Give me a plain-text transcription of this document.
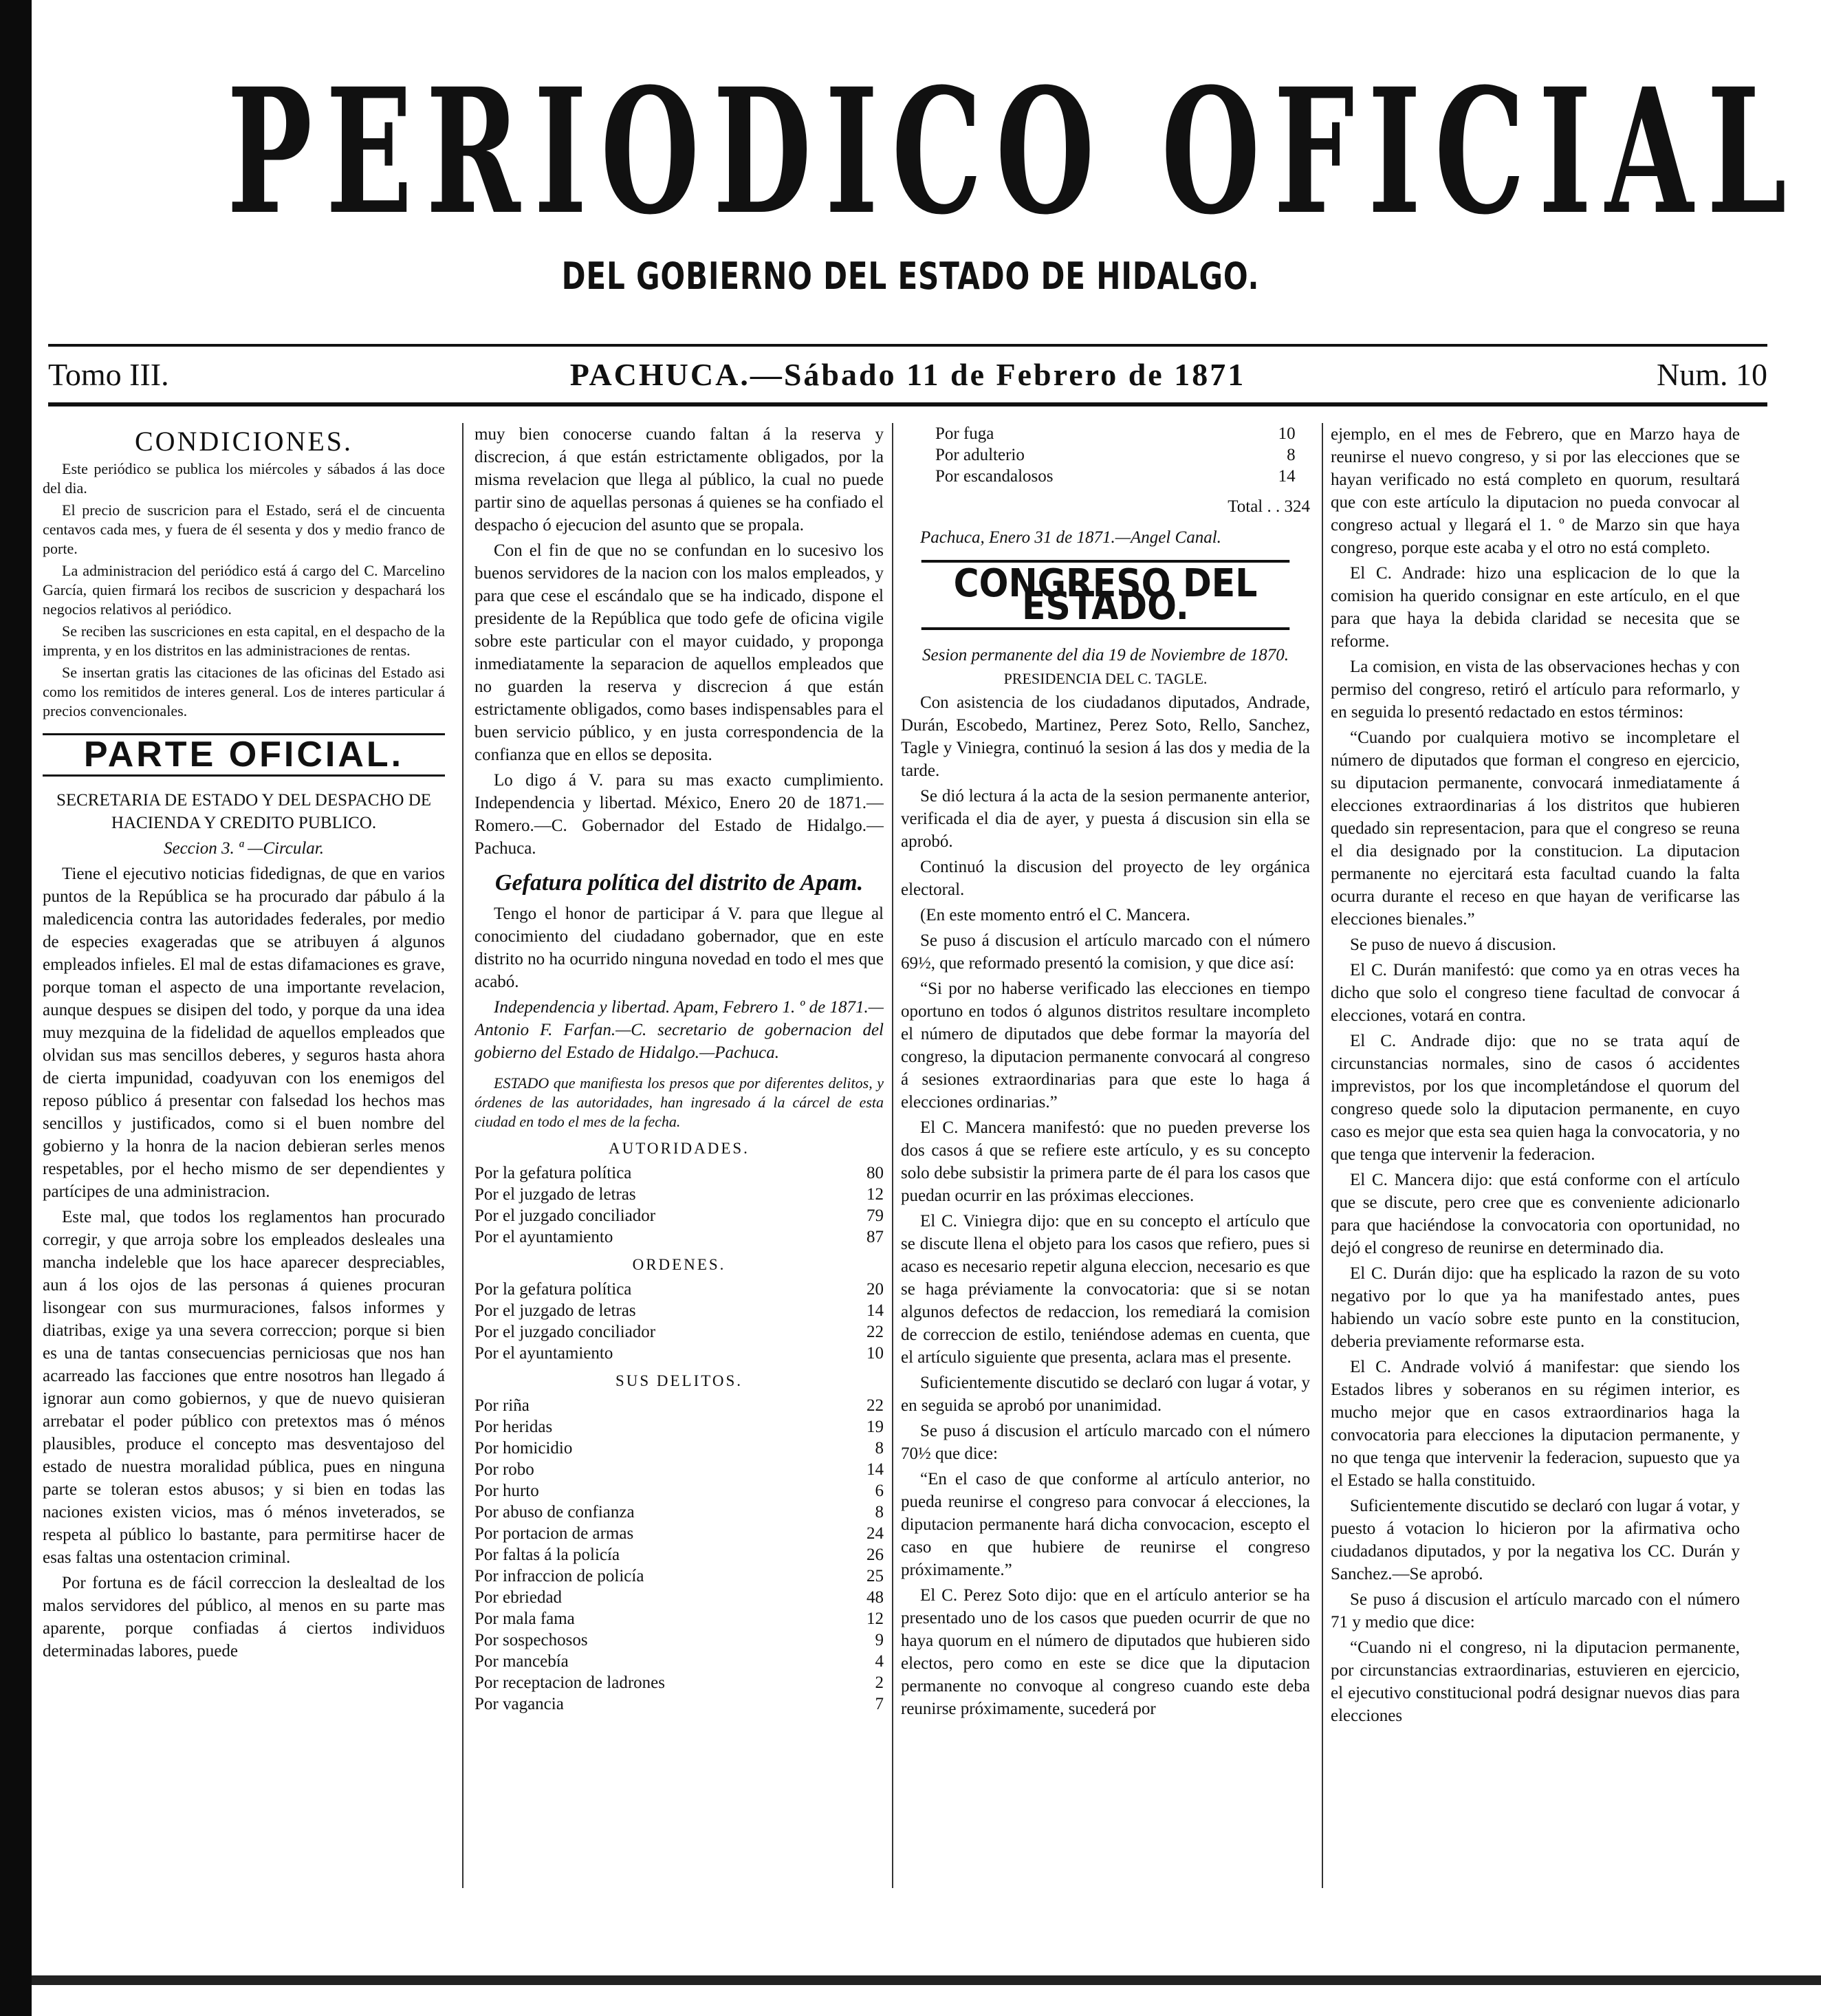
PERIODICO OFICIAL
DEL GOBIERNO DEL ESTADO DE HIDALGO.
Tomo III.	PACHUCA.—Sábado 11 de Febrero de 1871	Num. 10
CONDICIONES.

Este periódico se publica los miércoles y sábados á las doce del dia.

El precio de suscricion para el Estado, será el de cincuenta centavos cada mes, y fuera de él sesenta y dos y medio franco de porte.

La administracion del periódico está á cargo del C. Marcelino García, quien firmará los recibos de suscricion y despachará los negocios relativos al periódico.

Se reciben las suscriciones en esta capital, en el despacho de la imprenta, y en los distritos en las administraciones de rentas.

Se insertan gratis las citaciones de las oficinas del Estado asi como los remitidos de interes general. Los de interes particular á precios convencionales.

PARTE OFICIAL.

SECRETARIA DE ESTADO Y DEL DESPACHO DE HACIENDA Y CREDITO PUBLICO.

Seccion 3. ª —Circular.

Tiene el ejecutivo noticias fidedignas, de que en varios puntos de la República se ha procurado dar pábulo á la maledicencia contra las autoridades federales, por medio de especies exageradas que se atribuyen á algunos empleados infieles. El mal de estas difamaciones es grave, porque toman el aspecto de una importante revelacion, aunque despues se disipen del todo, y porque da una idea muy mezquina de la fidelidad de aquellos empleados que olvidan sus mas sencillos deberes, y seguros hasta ahora de cierta impunidad, coadyuvan con los enemigos del reposo público á presentar con falsedad los hechos mas sencillos y justificados, como si el buen nombre del gobierno y la honra de la nacion debieran serles menos respetables, por el hecho mismo de ser dependientes y partícipes de una administracion.

Este mal, que todos los reglamentos han procurado corregir, y que arroja sobre los empleados desleales una mancha indeleble que los hace aparecer despreciables, aun á los ojos de las personas á quienes procuran lisongear con sus murmuraciones, falsos informes y diatribas, exige ya una severa correccion; porque si bien es una de tantas consecuencias perniciosas que nos han acarreado las facciones que entre nosotros han llegado á ignorar aun como gobiernos, y que de nuevo quisieran arrebatar el poder público con pretextos mas ó ménos plausibles, produce el concepto mas desventajoso del estado de nuestra moralidad pública, pues en ninguna parte se toleran estos abusos; y si bien en todas las naciones existen vicios, mas ó ménos inveterados, se respeta al público lo bastante, para permitirse hacer de esas faltas una ostentacion criminal.

Por fortuna es de fácil correccion la deslealtad de los malos servidores del público, al menos en su parte mas aparente, porque confiadas á ciertos individuos determinadas labores, puede

muy bien conocerse cuando faltan á la reserva y discrecion, á que están estrictamente obligados, por la misma revelacion que llega al público, la cual no puede partir sino de aquellas personas á quienes se ha confiado el despacho ó ejecucion del asunto que se propala.

Con el fin de que no se confundan en lo sucesivo los buenos servidores de la nacion con los malos empleados, y para que cese el escándalo que se ha indicado, dispone el presidente de la República que todo gefe de oficina vigile sobre este particular con el mayor cuidado, y proponga inmediatamente la separacion de aquellos empleados que no guarden la reserva y discrecion á que están estrictamente obligados, como bases indispensables para el buen servicio público, y en justa correspondencia de la confianza que en ellos se deposita.

Lo digo á V. para su mas exacto cumplimiento. Independencia y libertad. México, Enero 20 de 1871.—Romero.—C. Gobernador del Estado de Hidalgo.—Pachuca.

Gefatura política del distrito de Apam.

Tengo el honor de participar á V. para que llegue al conocimiento del ciudadano gobernador, que en este distrito no ha ocurrido ninguna novedad en todo el mes que acabó.

Independencia y libertad. Apam, Febrero 1. º de 1871.—Antonio F. Farfan.—C. secretario de gobernacion del gobierno del Estado de Hidalgo.—Pachuca.

ESTADO que manifiesta los presos que por diferentes delitos, y órdenes de las autoridades, han ingresado á la cárcel de esta ciudad en todo el mes de la fecha.

AUTORIDADES.
Por la gefatura política	80
Por el juzgado de letras	12
Por el juzgado conciliador	79
Por el ayuntamiento	87
ORDENES.
Por la gefatura política	20
Por el juzgado de letras	14
Por el juzgado conciliador	22
Por el ayuntamiento	10
SUS DELITOS.
Por riña	22
Por heridas	19
Por homicidio	8
Por robo	14
Por hurto	6
Por abuso de confianza	8
Por portacion de armas	24
Por faltas á la policía	26
Por infraccion de policía	25
Por ebriedad	48
Por mala fama	12
Por sospechosos	9
Por mancebía	4
Por receptacion de ladrones	2
Por vagancia	7
Por fuga	10
Por adulterio	8
Por escandalosos	14

Total . . 324

Pachuca, Enero 31 de 1871.—Angel Canal.

CONGRESO DEL ESTADO.

Sesion permanente del dia 19 de Noviembre de 1870.

PRESIDENCIA DEL C. TAGLE.

Con asistencia de los ciudadanos diputados, Andrade, Durán, Escobedo, Martinez, Perez Soto, Rello, Sanchez, Tagle y Viniegra, continuó la sesion á las dos y media de la tarde.

Se dió lectura á la acta de la sesion permanente anterior, verificada el dia de ayer, y puesta á discusion sin ella se aprobó.

Continuó la discusion del proyecto de ley orgánica electoral.

(En este momento entró el C. Mancera.

Se puso á discusion el artículo marcado con el número 69½, que reformado presentó la comision, y que dice así:

“Si por no haberse verificado las elecciones en tiempo oportuno en todos ó algunos distritos resultare incompleto el número de diputados que debe formar la mayoría del congreso, la diputacion permanente convocará al congreso á sesiones extraordinarias para que este lo haga á elecciones ordinarias.”

El C. Mancera manifestó: que no pueden preverse los dos casos á que se refiere este artículo, y es su concepto solo debe subsistir la primera parte de él para los casos que puedan ocurrir en las próximas elecciones.

El C. Viniegra dijo: que en su concepto el artículo que se discute llena el objeto para los casos que refiero, pues si acaso es necesario repetir alguna eleccion, necesario es que se haga préviamente la convocatoria: que si se notan algunos defectos de redaccion, los remediará la comision de correccion de estilo, teniéndose ademas en cuenta, que el artículo siguiente que presenta, aclara mas el presente.

Suficientemente discutido se declaró con lugar á votar, y en seguida se aprobó por unanimidad.

Se puso á discusion el artículo marcado con el número 70½ que dice:

“En el caso de que conforme al artículo anterior, no pueda reunirse el congreso para convocar á elecciones, la diputacion permanente hará dicha convocacion, escepto el caso en que hubiere de reunirse el congreso próximamente.”

El C. Perez Soto dijo: que en el artículo anterior se ha presentado uno de los casos que pueden ocurrir de que no haya quorum en el número de diputados que hubieren sido electos, pero como en este se dice que la diputacion permanente no convoque al congreso cuando este deba reunirse próximamente, sucederá por

ejemplo, en el mes de Febrero, que en Marzo haya de reunirse el nuevo congreso, y si por las elecciones que se hayan verificado no está completo en quorum, resultará que con este artículo la diputacion no pueda convocar al congreso actual y llegará el 1. º de Marzo sin que haya congreso, porque este acaba y el otro no está completo.

El C. Andrade: hizo una esplicacion de lo que la comision ha querido consignar en este artículo, en el que para que haya la debida claridad se necesita que se reforme.

La comision, en vista de las observaciones hechas y con permiso del congreso, retiró el artículo para reformarlo, y en seguida lo presentó redactado en estos términos:

“Cuando por cualquiera motivo se incompletare el número de diputados que forman el congreso en ejercicio, su diputacion permanente, convocará inmediatamente á elecciones extraordinarias á los distritos que hubieren quedado sin representacion, para que el congreso se reuna el dia designado por la constitucion. La diputacion permanente no ejercitará esta facultad cuando la falta ocurra durante el receso en que hayan de verificarse las elecciones bienales.”

Se puso de nuevo á discusion.

El C. Durán manifestó: que como ya en otras veces ha dicho que solo el congreso tiene facultad de convocar á elecciones, votará en contra.

El C. Andrade dijo: que no se trata aquí de circunstancias normales, sino de casos ó accidentes imprevistos, por los que incompletándose el quorum del congreso quede solo la diputacion permanente, en cuyo caso es mejor que esta sea quien haga la convocatoria, y no que tenga que intervenir la federacion.

El C. Mancera dijo: que está conforme con el artículo que se discute, pero cree que es conveniente adicionarlo para que haciéndose la convocatoria con oportunidad, no dejó el congreso de reunirse en determinado dia.

El C. Durán dijo: que ha esplicado la razon de su voto negativo por lo que ya ha manifestado antes, pues habiendo un vacío sobre este punto en la constitucion, deberia previamente reformarse esta.

El C. Andrade volvió á manifestar: que siendo los Estados libres y soberanos en su régimen interior, es mucho mejor que en casos extraordinarios haga la convocatoria para elecciones la diputacion permanente, y no que tenga que intervenir la federacion, supuesto que ya el Estado se halla constituido.

Suficientemente discutido se declaró con lugar á votar, y puesto á votacion lo hicieron por la afirmativa ocho ciudadanos diputados, y por la negativa los CC. Durán y Sanchez.—Se aprobó.

Se puso á discusion el artículo marcado con el número 71 y medio que dice:

“Cuando ni el congreso, ni la diputacion permanente, por circunstancias extraordinarias, estuvieren en ejercicio, el ejecutivo constitucional podrá designar nuevos dias para elecciones
